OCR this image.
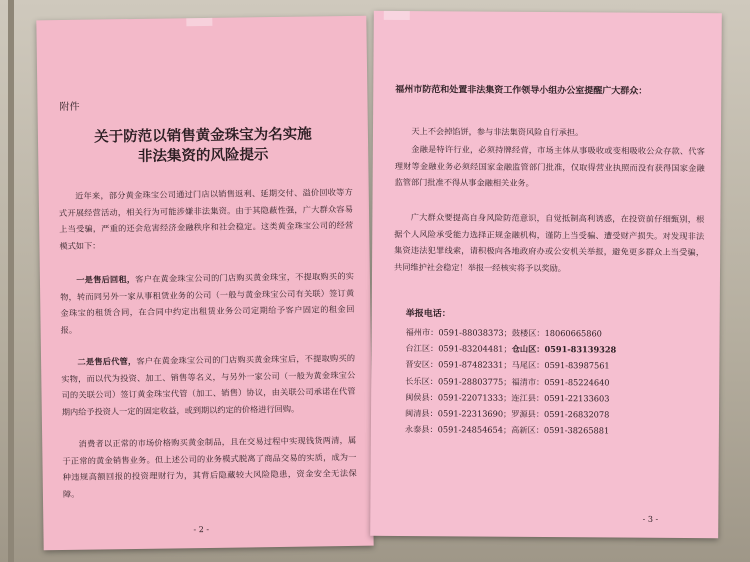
附件
关于防范以销售黄金珠宝为名实施
非法集资的风险提示
近年来，部分黄金珠宝公司通过门店以销售返利、延期交付、溢价回收等方式开展经营活动，相关行为可能涉嫌非法集资。由于其隐蔽性强，广大群众容易上当受骗，严重的还会危害经济金融秩序和社会稳定。这类黄金珠宝公司的经营模式如下：
一是售后回租，客户在黄金珠宝公司的门店购买黄金珠宝，不提取购买的实物，转而同另外一家从事租赁业务的公司（一般与黄金珠宝公司有关联）签订黄金珠宝的租赁合同，在合同中约定出租赁业务公司定期给予客户固定的租金回报。
二是售后代管，客户在黄金珠宝公司的门店购买黄金珠宝后，不提取购买的实物，而以代为投资、加工、销售等名义，与另外一家公司（一般为黄金珠宝公司的关联公司）签订黄金珠宝代管（加工、销售）协议，由关联公司承诺在代管期内给予投资人一定的固定收益，或到期以约定的价格进行回购。
消费者以正常的市场价格购买黄金制品，且在交易过程中实现钱货两清，属于正常的黄金销售业务。但上述公司的业务模式脱离了商品交易的实质，成为一种违规高额回报的投资理财行为，其背后隐藏较大风险隐患，资金安全无法保障。
- 2 -
福州市防范和处置非法集资工作领导小组办公室提醒广大群众：
天上不会掉馅饼，参与非法集资风险自行承担。
金融是特许行业，必须持牌经营，市场主体从事吸收或变相吸收公众存款、代客理财等金融业务必须经国家金融监管部门批准，仅取得营业执照而没有获得国家金融监管部门批准不得从事金融相关业务。
广大群众要提高自身风险防范意识，自觉抵制高利诱惑，在投资前仔细甄别，根据个人风险承受能力选择正规金融机构，谨防上当受骗、遭受财产损失。对发现非法集资违法犯罪线索，请积极向各地政府办或公安机关举报，避免更多群众上当受骗，共同维护社会稳定！举报一经核实将予以奖励。
举报电话：
福州市：0591-88038373；鼓楼区：18060665860
台江区：0591-83204481；仓山区：0591-83139328
晋安区：0591-87482331；马尾区：0591-83987561
长乐区：0591-28803775；福清市：0591-85224640
闽侯县：0591-22071333；连江县：0591-22133603
闽清县：0591-22313690；罗源县：0591-26832078
永泰县：0591-24854654；高新区：0591-38265881
- 3 -
